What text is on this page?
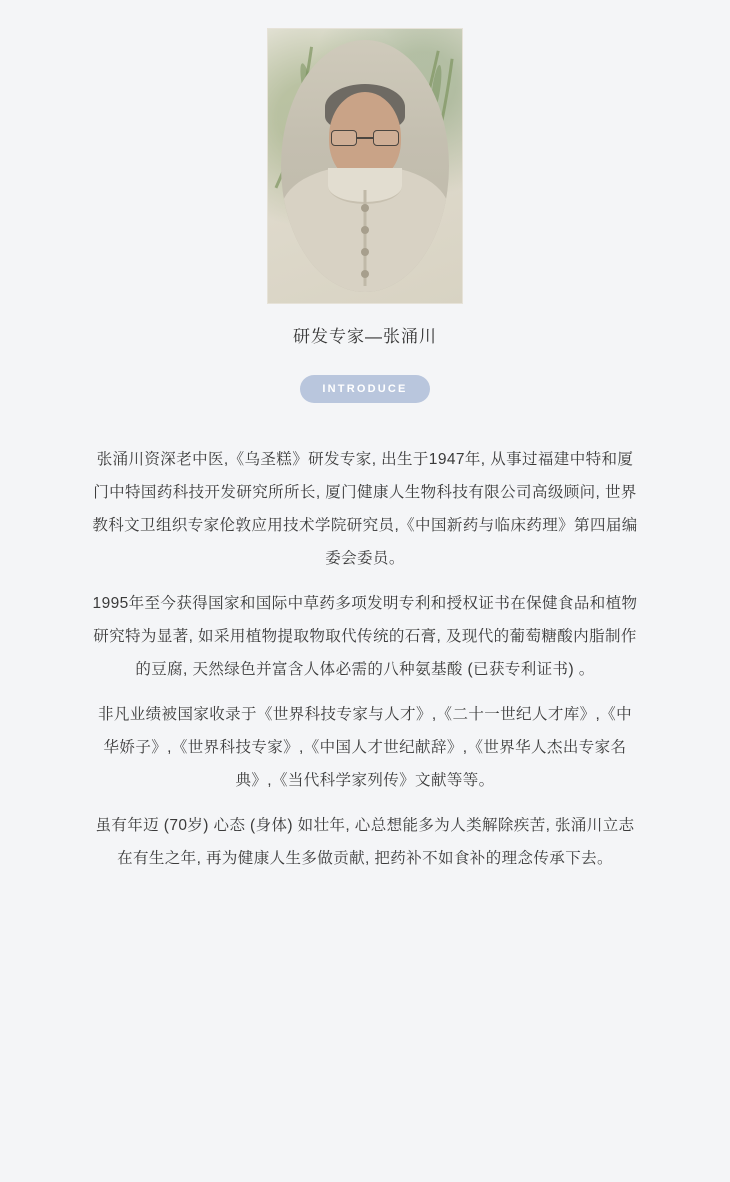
研发专家—张涌川
INTRODUCE

张涌川资深老中医,《乌圣糕》研发专家, 出生于1947年, 从事过福建中特和厦门中特国药科技开发研究所所长, 厦门健康人生物科技有限公司高级顾问, 世界教科文卫组织专家伦敦应用技术学院研究员,《中国新药与临床药理》第四届编委会委员。

1995年至今获得国家和国际中草药多项发明专利和授权证书在保健食品和植物研究特为显著, 如采用植物提取物取代传统的石膏, 及现代的葡萄糖酸内脂制作的豆腐, 天然绿色并富含人体必需的八种氨基酸 (已获专利证书) 。

非凡业绩被国家收录于《世界科技专家与人才》,《二十一世纪人才库》,《中华娇子》,《世界科技专家》,《中国人才世纪献辞》,《世界华人杰出专家名典》,《当代科学家列传》文献等等。

虽有年迈 (70岁) 心态 (身体) 如壮年, 心总想能多为人类解除疾苦, 张涌川立志在有生之年, 再为健康人生多做贡献, 把药补不如食补的理念传承下去。
